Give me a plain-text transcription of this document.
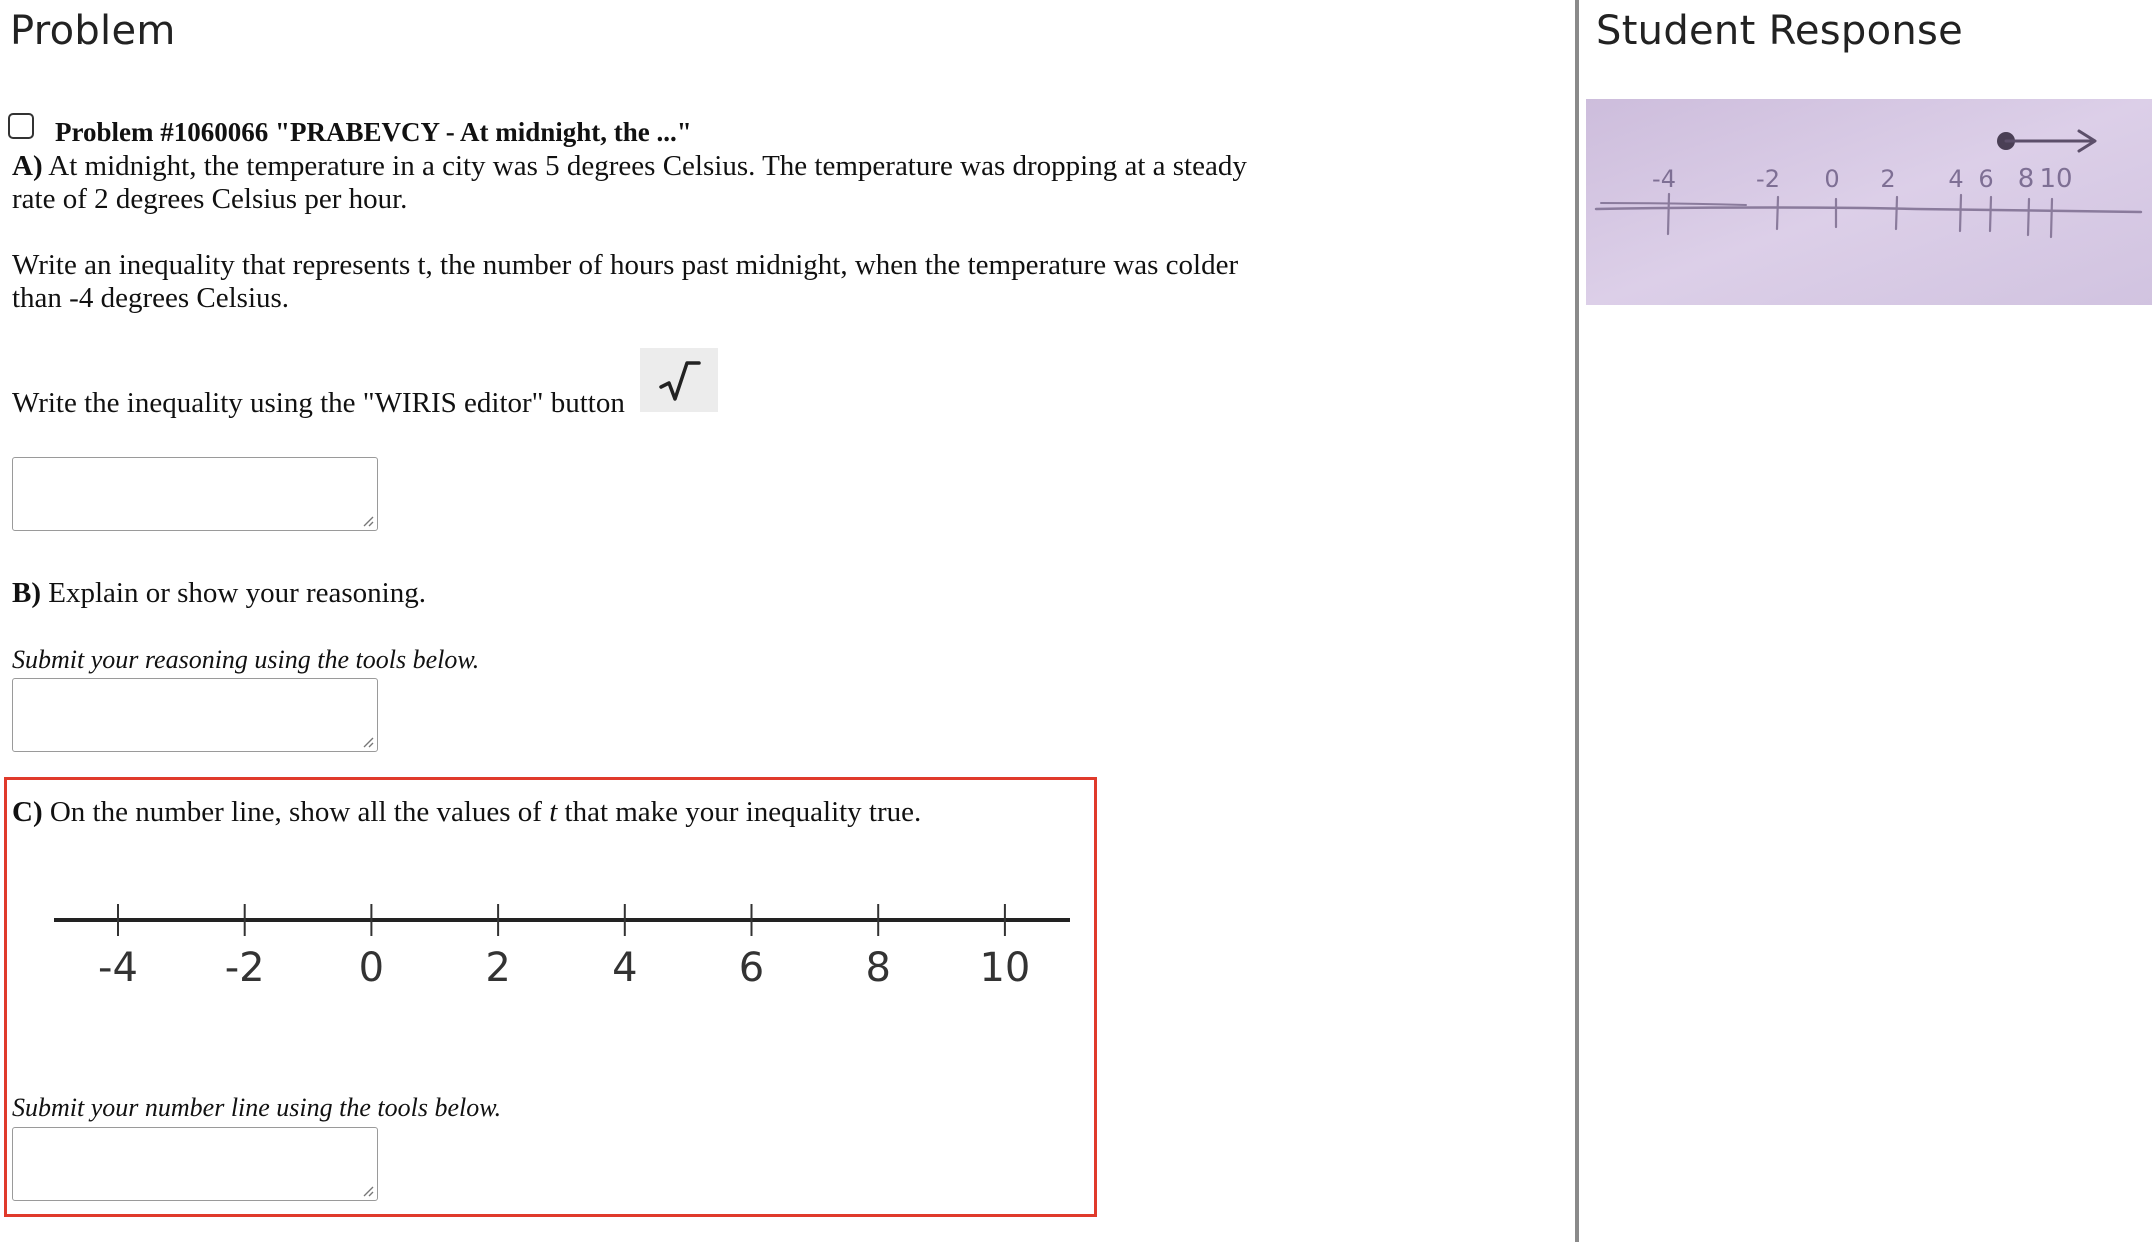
Problem
Problem #1060066 "PRABEVCY - At midnight, the ..."
A) At midnight, the temperature in a city was 5 degrees Celsius. The temperature was dropping at a steady rate of 2 degrees Celsius per hour.
Write an inequality that represents t, the number of hours past midnight, when the temperature was colder than -4 degrees Celsius.
Write the inequality using the "WIRIS editor" button
B) Explain or show your reasoning.
Submit your reasoning using the tools below.
C) On the number line, show all the values of t that make your inequality true.
-4 -2 0	2	4	6	8 10
Submit your number line using the tools below.
Student Response
-4	-2 0 2 4 6 8 10
